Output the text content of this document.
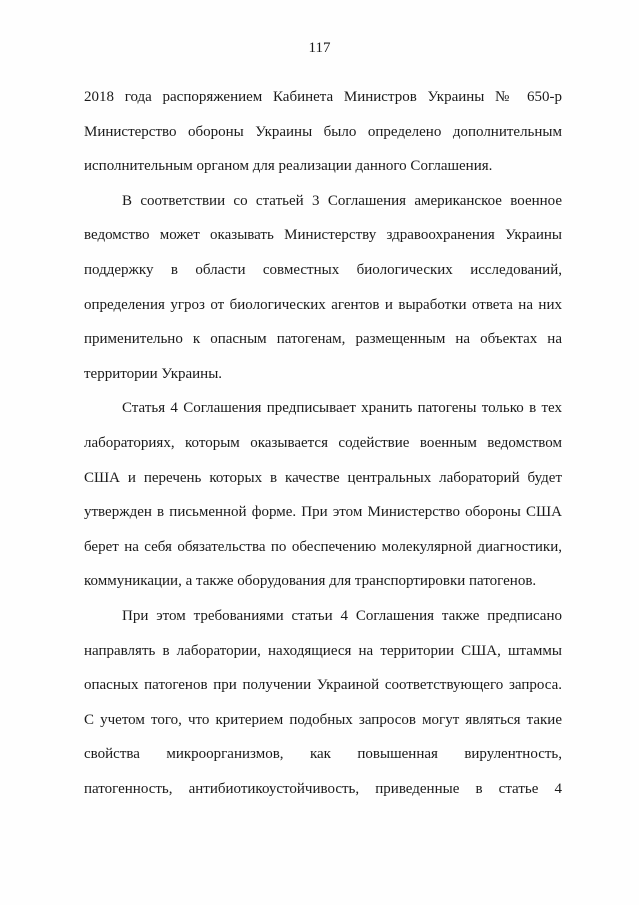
117
2018 года распоряжением Кабинета Министров Украины № 650-р
Министерство обороны Украины было определено дополнительным
исполнительным органом для реализации данного Соглашения.
В соответствии со статьей 3 Соглашения американское военное
ведомство может оказывать Министерству здравоохранения Украины
поддержку в области совместных биологических исследований,
определения угроз от биологических агентов и выработки ответа на них
применительно к опасным патогенам, размещенным на объектах на
территории Украины.
Статья 4 Соглашения предписывает хранить патогены только в тех
лабораториях, которым оказывается содействие военным ведомством
США и перечень которых в качестве центральных лабораторий будет
утвержден в письменной форме. При этом Министерство обороны США
берет на себя обязательства по обеспечению молекулярной диагностики,
коммуникации, а также оборудования для транспортировки патогенов.
При этом требованиями статьи 4 Соглашения также предписано
направлять в лаборатории, находящиеся на территории США, штаммы
опасных патогенов при получении Украиной соответствующего запроса.
С учетом того, что критерием подобных запросов могут являться такие
свойства микроорганизмов, как повышенная вирулентность,
патогенность, антибиотикоустойчивость, приведенные в статье 4
